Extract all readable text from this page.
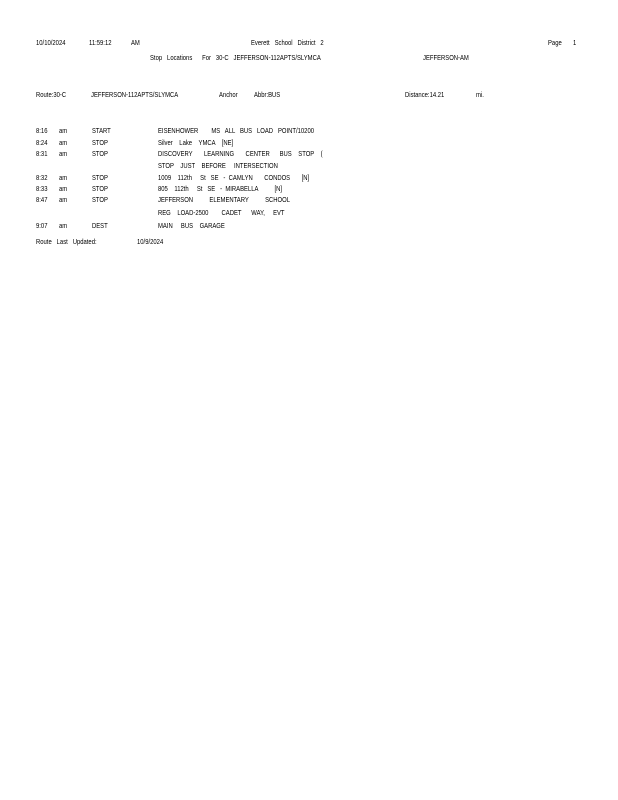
10/10/2024	11:59:12	AM	Everett   School   District   2	Page 1
Stop   Locations      For   30-C   JEFFERSON-112APTS/SLYMCA	JEFFERSON-AM
Route:30-C	JEFFERSON-112APTS/SLYMCA	Anchor Abbr:BUS	Distance:14.21	mi.
8:16 am	START	EISENHOWER        MS   ALL   BUS   LOAD   POINT/10200
8:24 am	STOP	Silver    Lake    YMCA    [NE]
8:31 am	STOP	DISCOVERY       LEARNING       CENTER      BUS    STOP    (
STOP    JUST    BEFORE     INTERSECTION
8:32 am	STOP	1009    112th     St   SE   -  CAMLYN       CONDOS       [N]
8:33 am	STOP	805    112th     St   SE   -  MIRABELLA          [N]
8:47 am	STOP	JEFFERSON          ELEMENTARY          SCHOOL
REG    LOAD-2500        CADET      WAY,     EVT
9:07 am	DEST	MAIN     BUS    GARAGE
Route   Last   Updated:	10/9/2024
